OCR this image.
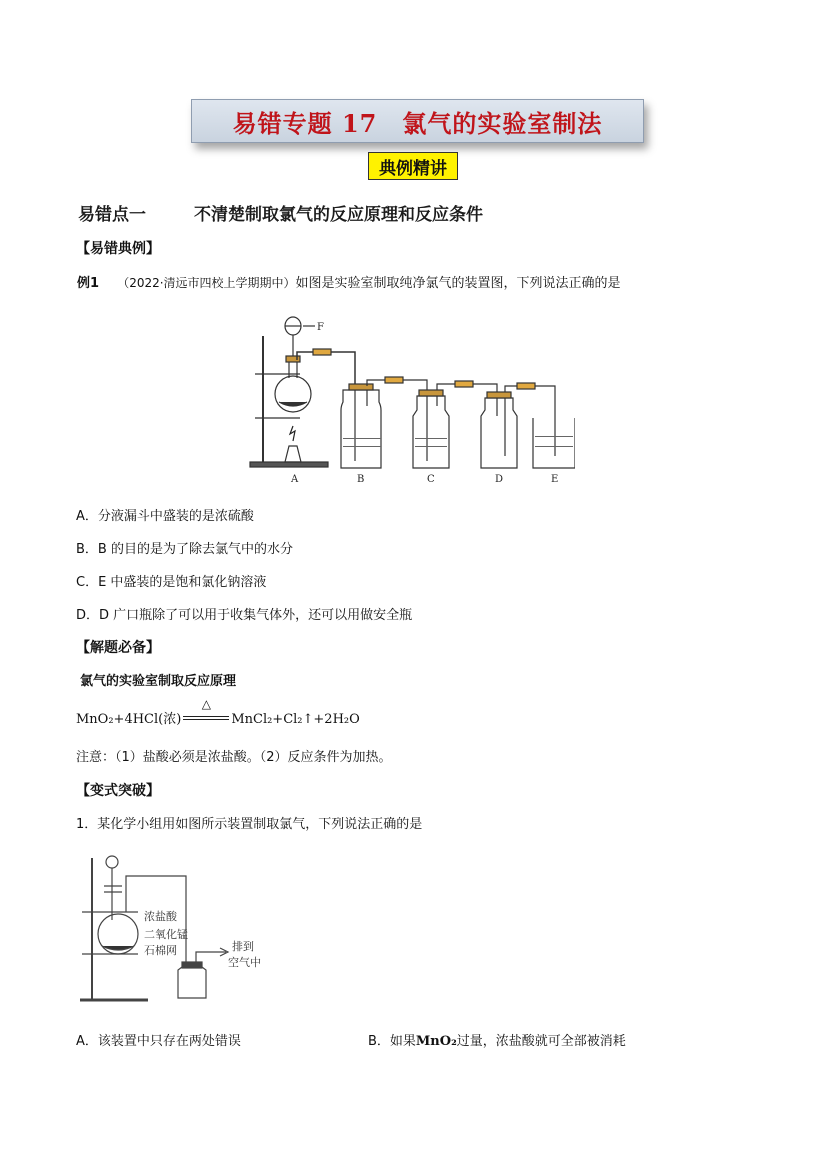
易错专题 17　氯气的实验室制法
典例精讲
易错点一	不清楚制取氯气的反应原理和反应条件
【易错典例】
例1 （2022·清远市四校上学期期中）如图是实验室制取纯净氯气的装置图，下列说法正确的是
A	B	C	D	E
F
A．分液漏斗中盛装的是浓硫酸
B．B 的目的是为了除去氯气中的水分
C．E 中盛装的是饱和氯化钠溶液
D．D 广口瓶除了可以用于收集气体外，还可以用做安全瓶
【解题必备】
氯气的实验室制取反应原理
MnO₂+4HCl(浓)
△
MnCl₂+Cl₂↑+2H₂O
注意：（1）盐酸必须是浓盐酸。（2）反应条件为加热。
【变式突破】
1．某化学小组用如图所示装置制取氯气，下列说法正确的是
浓盐酸
二氧化锰
石棉网	排到
空气中
A．该装置中只存在两处错误	B．如果MnO₂过量，浓盐酸就可全部被消耗
